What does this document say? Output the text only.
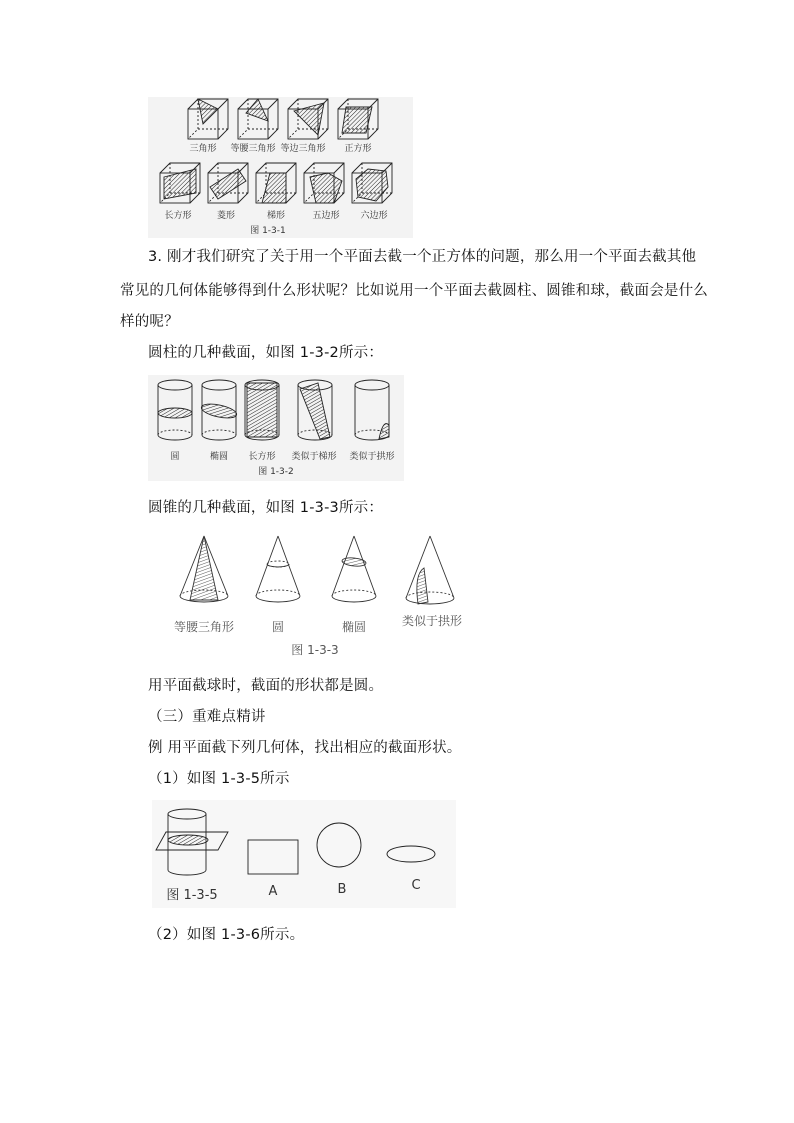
三角形 等腰三角形 等边三角形 正方形
长方形	菱形	梯形	五边形 六边形
图 1-3-1
3. 刚才我们研究了关于用一个平面去截一个正方体的问题，那么用一个平面去截其他
常见的几何体能够得到什么形状呢？比如说用一个平面去截圆柱、圆锥和球，截面会是什么
样的呢？
圆柱的几种截面，如图 1-3-2所示：
圆	椭圆 长方形 类似于梯形 类似于拱形
图 1-3-2
圆锥的几种截面，如图 1-3-3所示：
等腰三角形	圆	椭圆	类似于拱形
图 1-3-3
用平面截球时，截面的形状都是圆。
（三）重难点精讲
例 用平面截下列几何体，找出相应的截面形状。
（1）如图 1-3-5所示
图 1-3-5	A	B	C
（2）如图 1-3-6所示。
